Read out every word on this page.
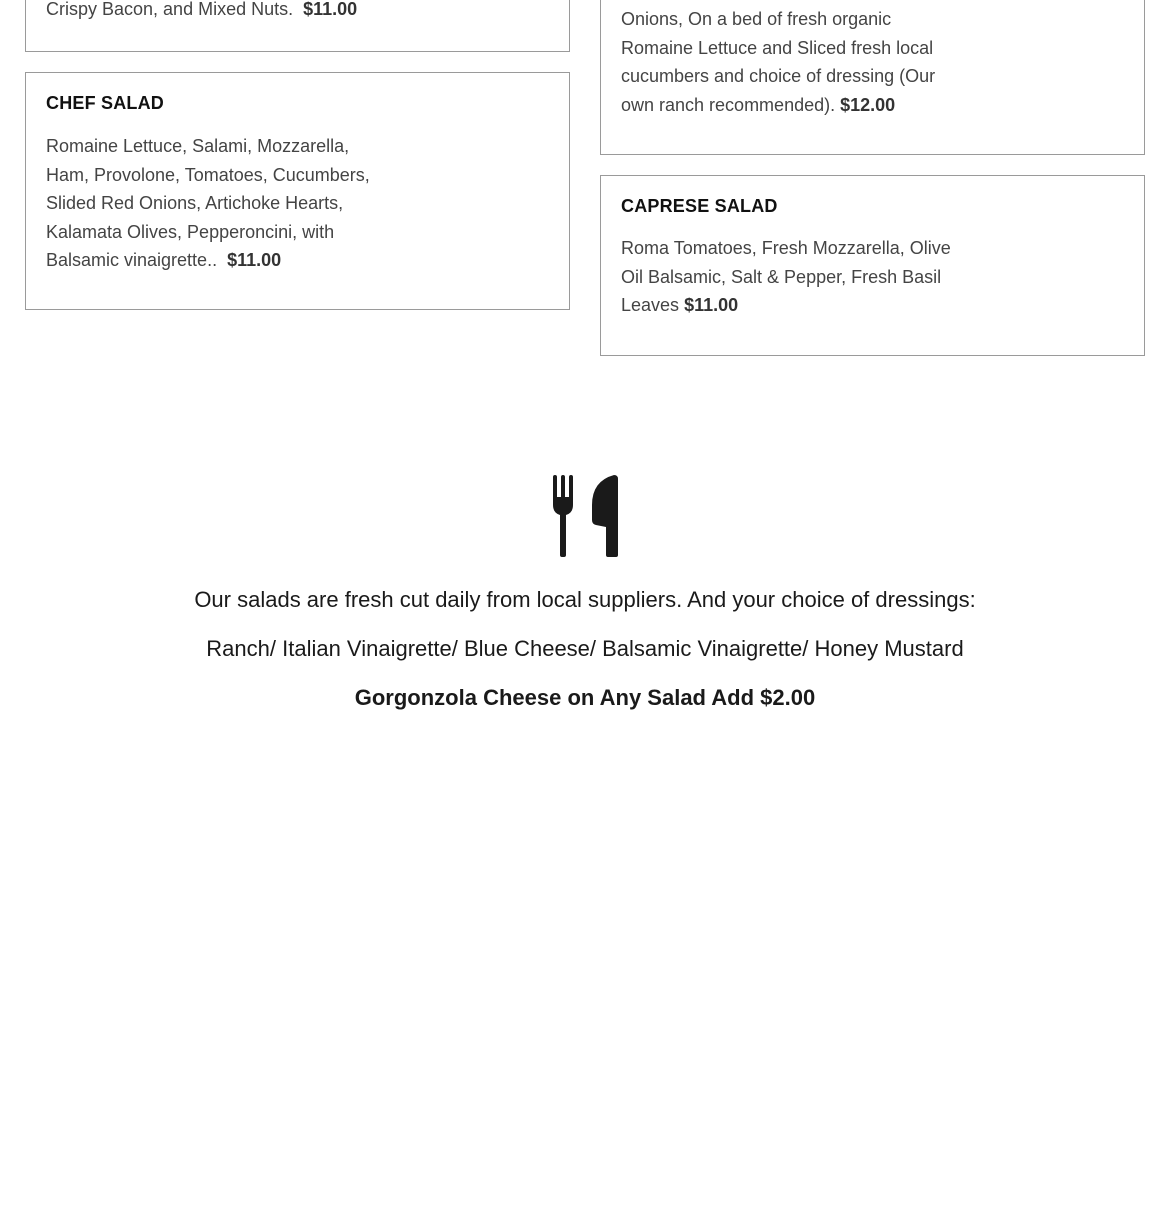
Crispy Bacon, and Mixed Nuts. $11.00

CHEF SALAD

Romaine Lettuce, Salami, Mozzarella,
Ham, Provolone, Tomatoes, Cucumbers,
Slided Red Onions, Artichoke Hearts,
Kalamata Olives, Pepperoncini, with
Balsamic vinaigrette.. $11.00

Onions, On a bed of fresh organic
Romaine Lettuce and Sliced fresh local
cucumbers and choice of dressing (Our
own ranch recommended). $12.00

CAPRESE SALAD

Roma Tomatoes, Fresh Mozzarella, Olive
Oil Balsamic, Salt & Pepper, Fresh Basil
Leaves $11.00

Our salads are fresh cut daily from local suppliers. And your choice of dressings:

Ranch/ Italian Vinaigrette/ Blue Cheese/ Balsamic Vinaigrette/ Honey Mustard

Gorgonzola Cheese on Any Salad Add $2.00
